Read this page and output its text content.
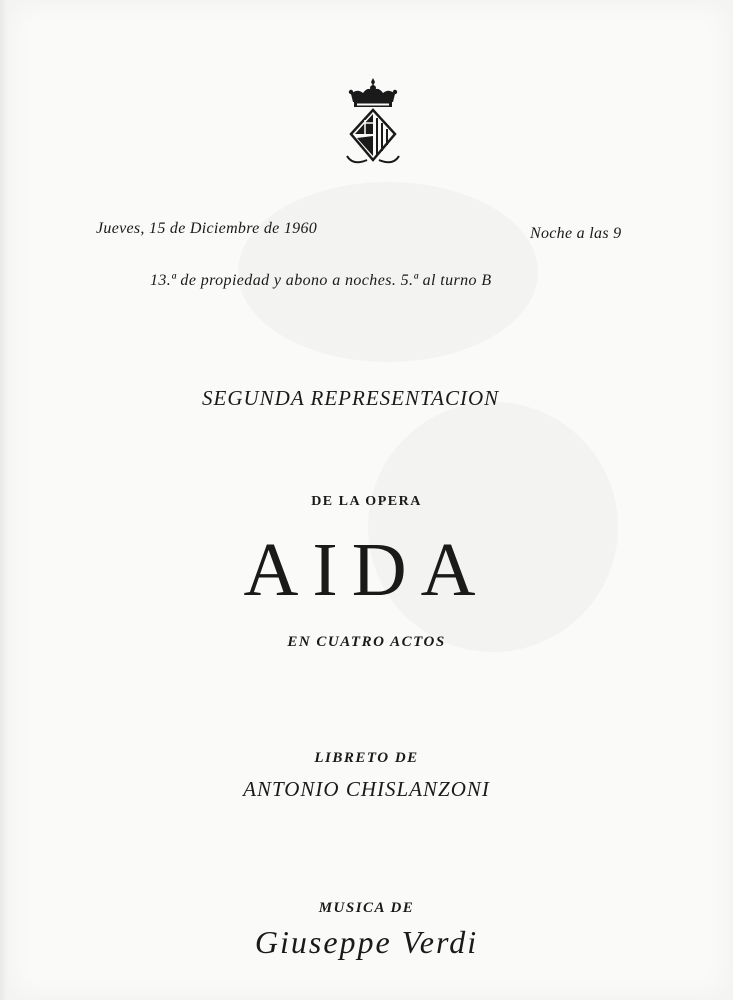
Jueves, 15 de Diciembre de 1960	Noche a las 9
13.ª de propiedad y abono a noches. 5.ª al turno B
SEGUNDA REPRESENTACION
DE LA OPERA
AIDA
EN CUATRO ACTOS
LIBRETO DE
ANTONIO CHISLANZONI
MUSICA DE
Giuseppe Verdi
